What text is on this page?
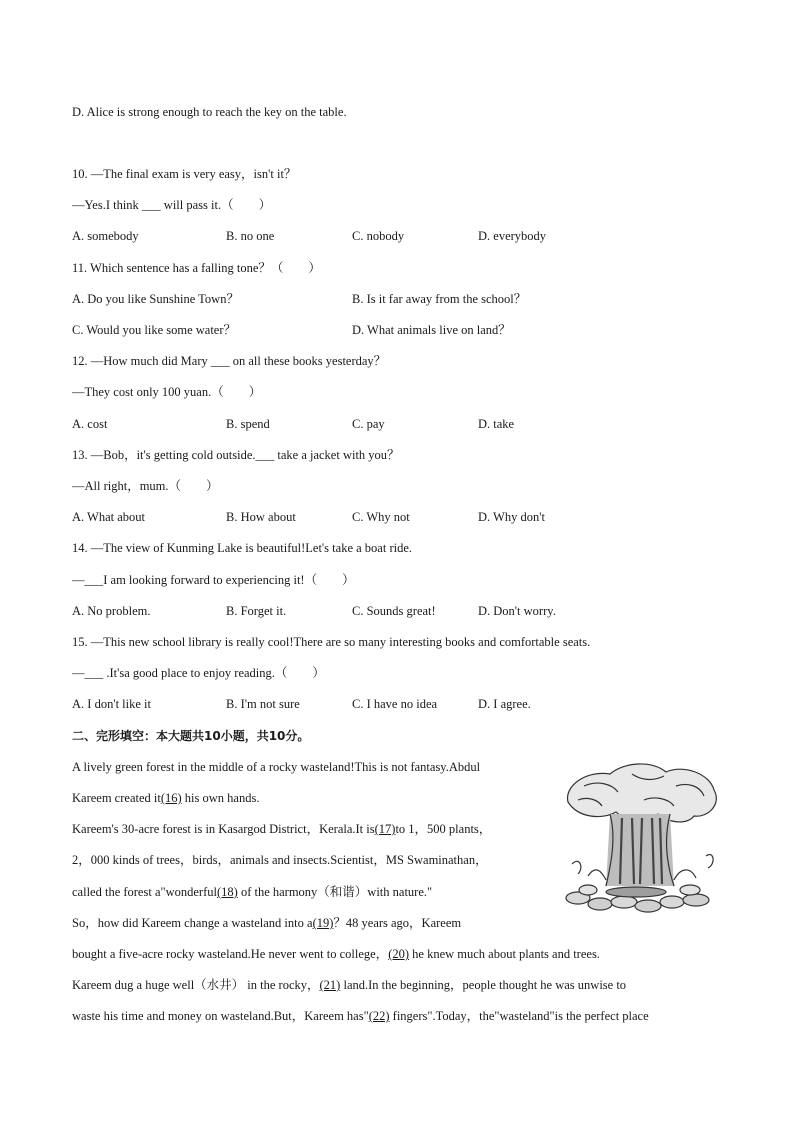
D. Alice is strong enough to reach the key on the table.
10. —The final exam is very easy，isn't it？
—Yes.I think ___ will pass it.（　　）
A. somebody	B. no one	C. nobody	D. everybody
11. Which sentence has a falling tone？（　　）
A. Do you like Sunshine Town？	B. Is it far away from the school？
C. Would you like some water？	D. What animals live on land？
12. —How much did Mary ___ on all these books yesterday？
—They cost only 100 yuan.（　　）
A. cost	B. spend	C. pay	D. take
13. —Bob，it's getting cold outside.___ take a jacket with you？
—All right，mum.（　　）
A. What about	B. How about	C. Why not	D. Why don't
14. —The view of Kunming Lake is beautiful!Let's take a boat ride.
—___I am looking forward to experiencing it!（　　）
A. No problem.	B. Forget it.	C. Sounds great!	D. Don't worry.
15. —This new school library is really cool!There are so many interesting books and comfortable seats.
—___ .It'sa good place to enjoy reading.（　　）
A. I don't like it	B. I'm not sure	C. I have no idea	D. I agree.
二、完形填空：本大题共10小题，共10分。
A lively green forest in the middle of a rocky wasteland!This is not fantasy.Abdul
Kareem created it(16) his own hands.
Kareem's 30-acre forest is in Kasargod District，Kerala.It is(17)to 1，500 plants，
2，000 kinds of trees，birds，animals and insects.Scientist，MS Swaminathan，
called the forest a"wonderful(18) of the harmony（和谐）with nature."
So，how did Kareem change a wasteland into a(19)？48 years ago，Kareem
bought a five-acre rocky wasteland.He never went to college，(20) he knew much about plants and trees.
Kareem dug a huge well（水井） in the rocky，(21) land.In the beginning，people thought he was unwise to
waste his time and money on wasteland.But，Kareem has"(22) fingers".Today，the"wasteland"is the perfect place
